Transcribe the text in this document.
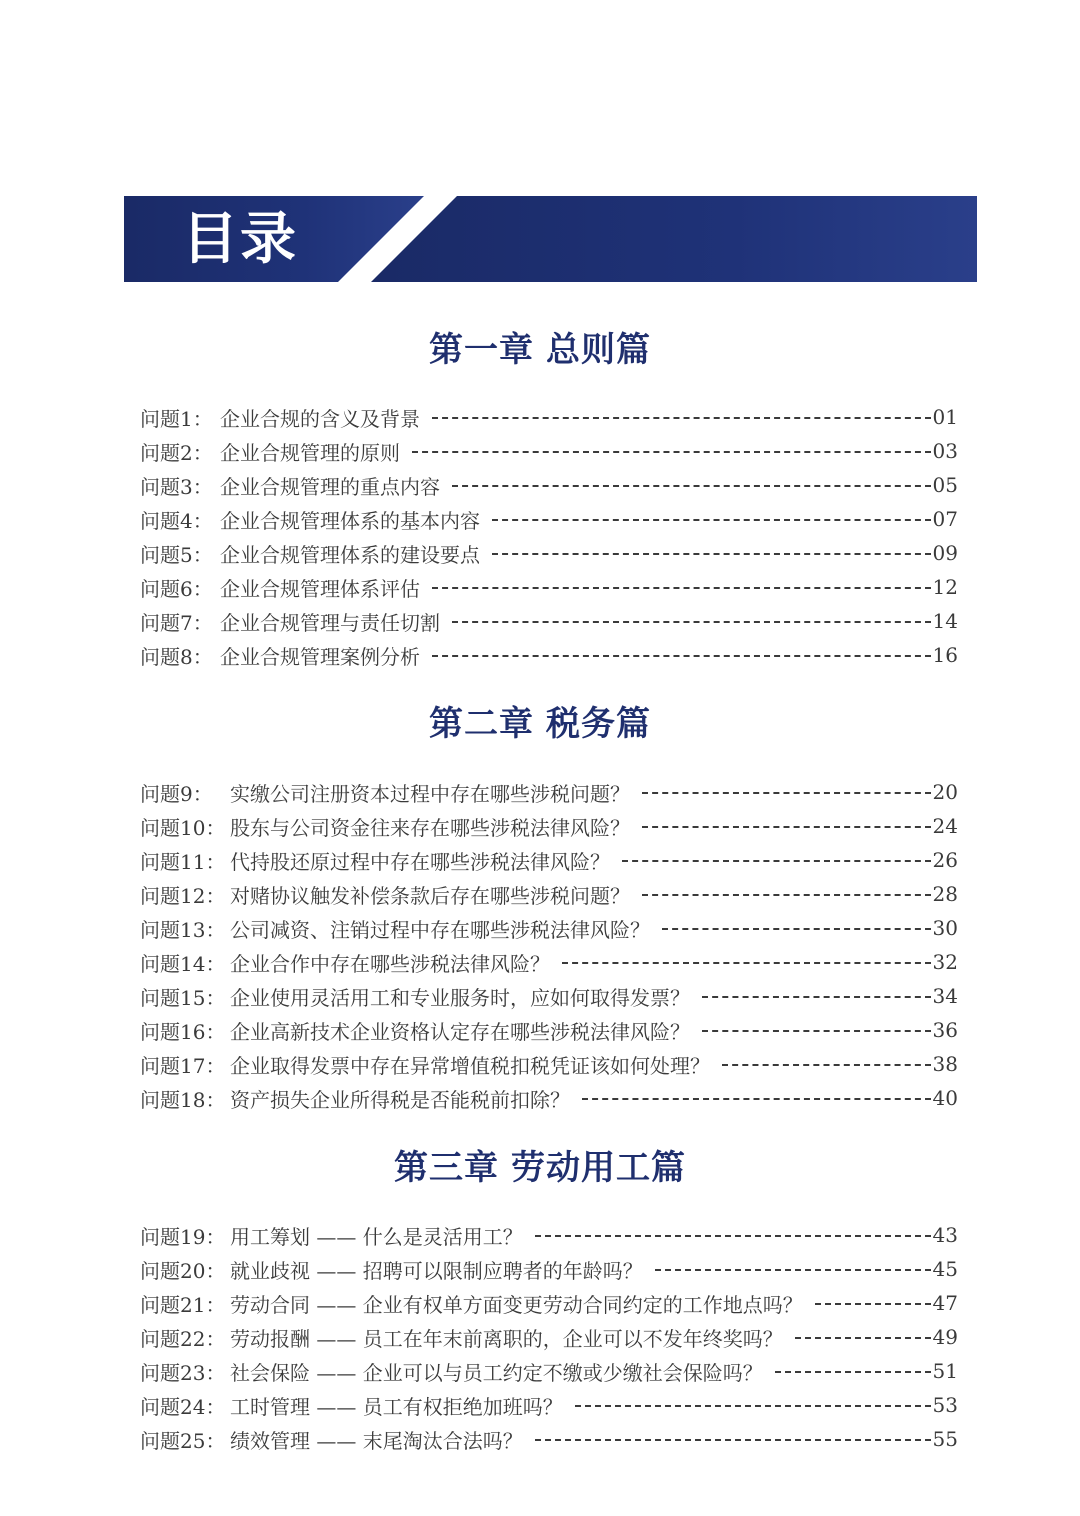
目录
第一章 总则篇
问题1： 企业合规的含义及背景	01
问题2： 企业合规管理的原则	03
问题3： 企业合规管理的重点内容	05
问题4： 企业合规管理体系的基本内容	07
问题5： 企业合规管理体系的建设要点	09
问题6： 企业合规管理体系评估	12
问题7： 企业合规管理与责任切割	14
问题8： 企业合规管理案例分析	16
第二章 税务篇
问题9： 实缴公司注册资本过程中存在哪些涉税问题？	20
问题10： 股东与公司资金往来存在哪些涉税法律风险？	24
问题11： 代持股还原过程中存在哪些涉税法律风险？	26
问题12： 对赌协议触发补偿条款后存在哪些涉税问题？	28
问题13： 公司减资、注销过程中存在哪些涉税法律风险？	30
问题14： 企业合作中存在哪些涉税法律风险？	32
问题15： 企业使用灵活用工和专业服务时，应如何取得发票？	34
问题16： 企业高新技术企业资格认定存在哪些涉税法律风险？	36
问题17： 企业取得发票中存在异常增值税扣税凭证该如何处理？	38
问题18： 资产损失企业所得税是否能税前扣除？	40
第三章 劳动用工篇
问题19： 用工筹划 —— 什么是灵活用工？	43
问题20： 就业歧视 —— 招聘可以限制应聘者的年龄吗？	45
问题21： 劳动合同 —— 企业有权单方面变更劳动合同约定的工作地点吗？	47
问题22： 劳动报酬 —— 员工在年末前离职的，企业可以不发年终奖吗？	49
问题23： 社会保险 —— 企业可以与员工约定不缴或少缴社会保险吗？	51
问题24： 工时管理 —— 员工有权拒绝加班吗？	53
问题25： 绩效管理 —— 末尾淘汰合法吗？	55
